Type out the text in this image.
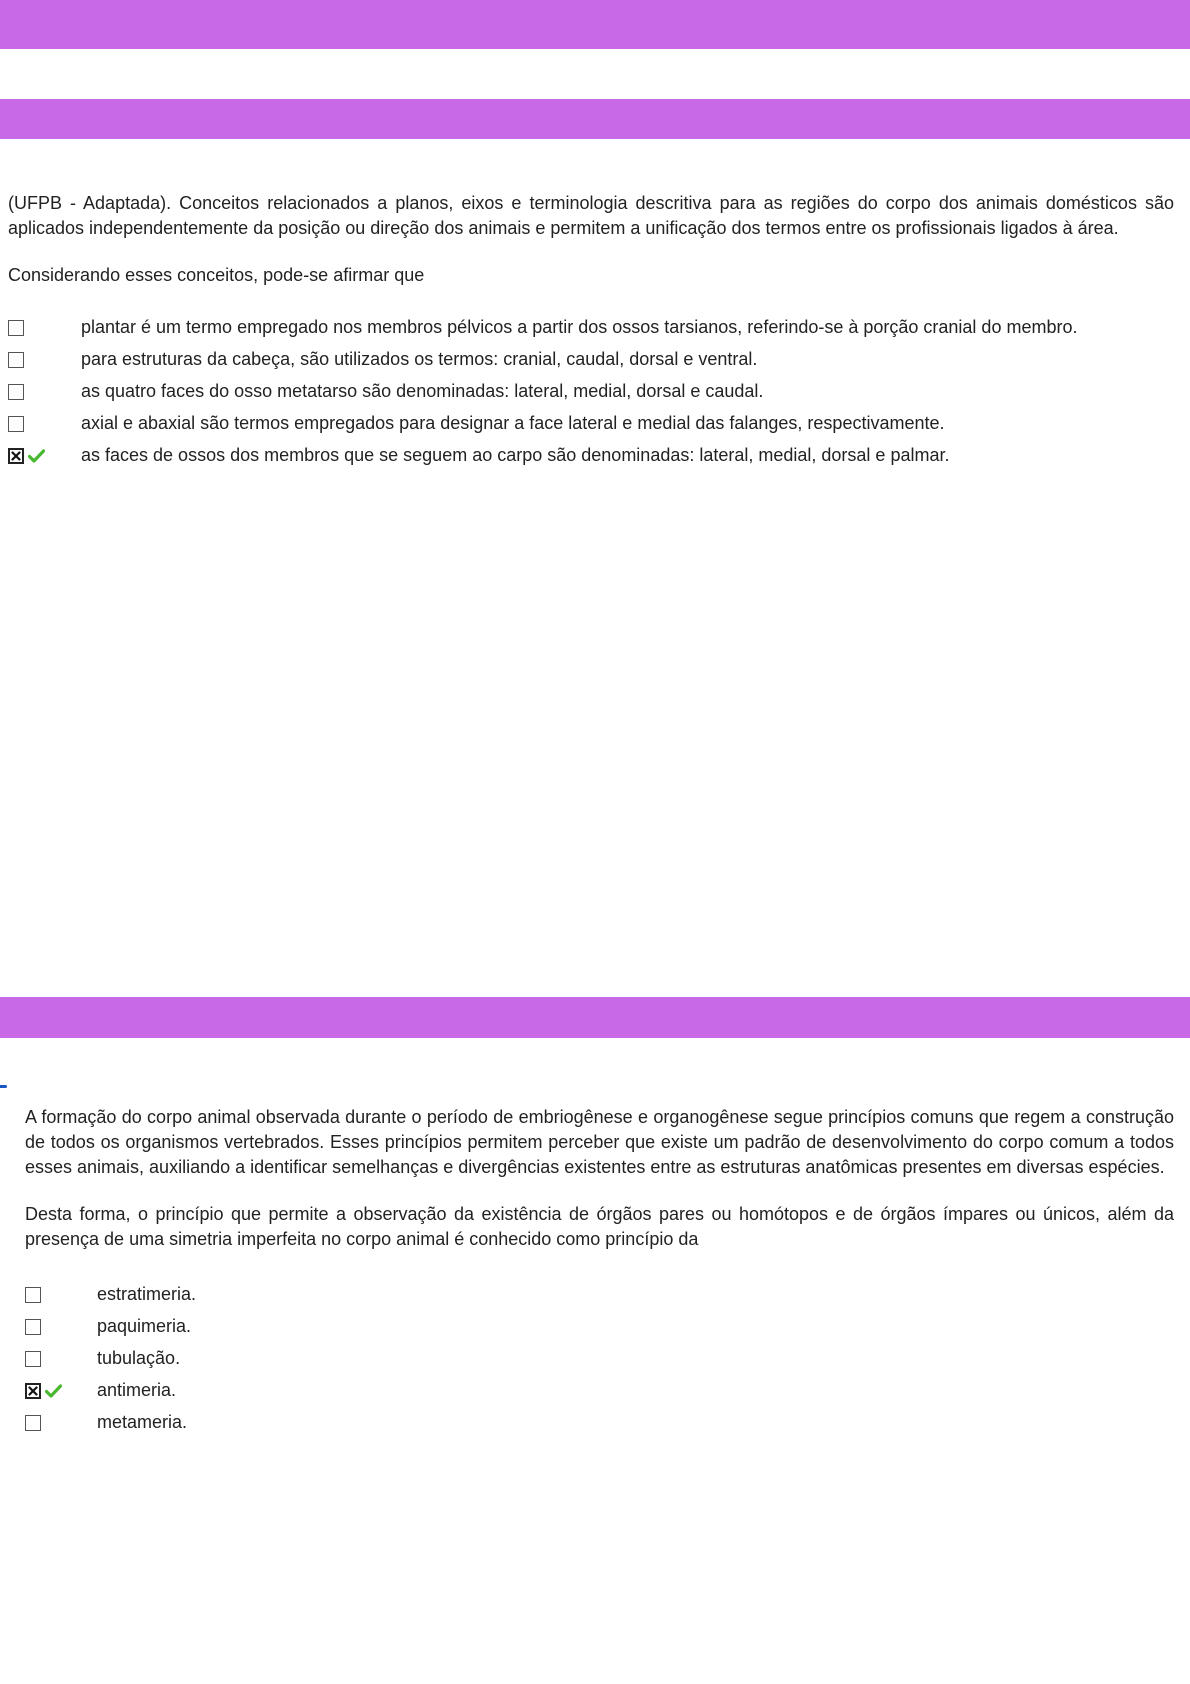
(UFPB - Adaptada). Conceitos relacionados a planos, eixos e terminologia descritiva para as regiões do corpo dos animais domésticos são aplicados independentemente da posição ou direção dos animais e permitem a unificação dos termos entre os profissionais ligados à área.

Considerando esses conceitos, pode-se afirmar que

plantar é um termo empregado nos membros pélvicos a partir dos ossos tarsianos, referindo-se à porção cranial do membro.
para estruturas da cabeça, são utilizados os termos: cranial, caudal, dorsal e ventral.
as quatro faces do osso metatarso são denominadas: lateral, medial, dorsal e caudal.
axial e abaxial são termos empregados para designar a face lateral e medial das falanges, respectivamente.
as faces de ossos dos membros que se seguem ao carpo são denominadas: lateral, medial, dorsal e palmar.

A formação do corpo animal observada durante o período de embriogênese e organogênese segue princípios comuns que regem a construção de todos os organismos vertebrados. Esses princípios permitem perceber que existe um padrão de desenvolvimento do corpo comum a todos esses animais, auxiliando a identificar semelhanças e divergências existentes entre as estruturas anatômicas presentes em diversas espécies.

Desta forma, o princípio que permite a observação da existência de órgãos pares ou homótopos e de órgãos ímpares ou únicos, além da presença de uma simetria imperfeita no corpo animal é conhecido como princípio da

estratimeria.
paquimeria.
tubulação.
antimeria.
metameria.
